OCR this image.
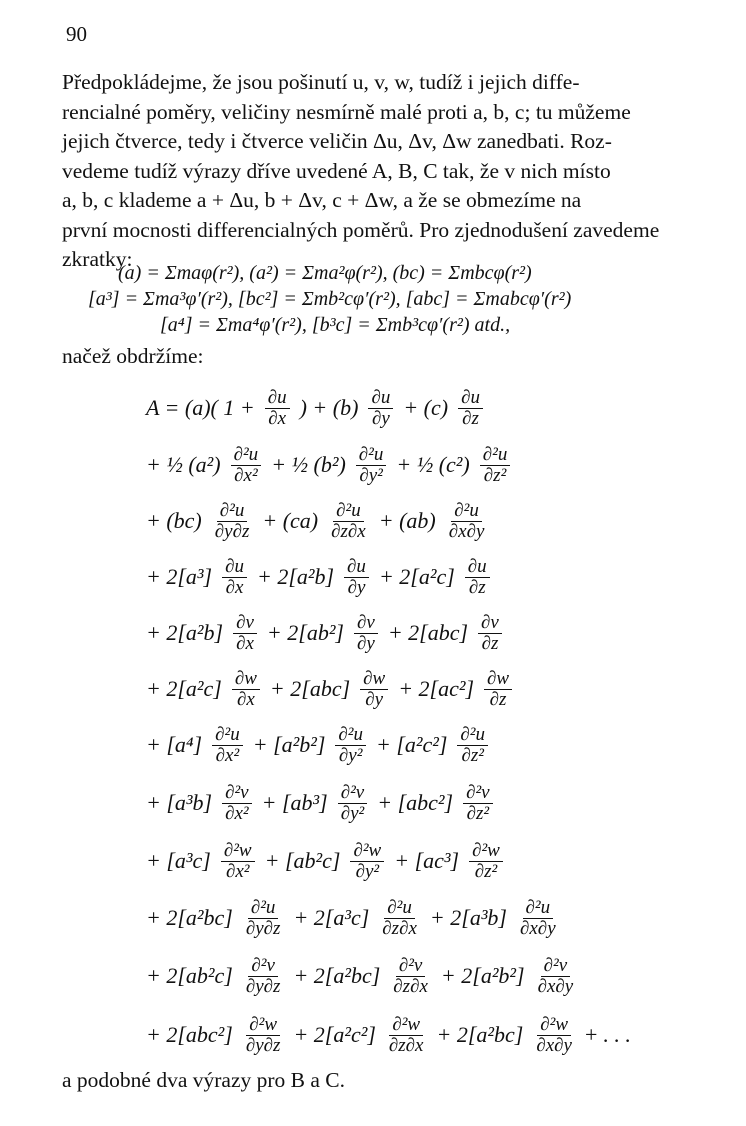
90
Předpokládejme, že jsou pošinutí u, v, w, tudíž i jejich diffe-
rencialné poměry, veličiny nesmírně malé proti a, b, c; tu můžeme
jejich čtverce, tedy i čtverce veličin Δu, Δv, Δw zanedbati. Roz-
vedeme tudíž výrazy dříve uvedené A, B, C tak, že v nich místo
a, b, c klademe a + Δu, b + Δv, c + Δw, a že se obmezíme na
první mocnosti differencialných poměrů. Pro zjednodušení zavedeme
zkratky:
(a) = Σmaφ(r²), (a²) = Σma²φ(r²), (bc) = Σmbcφ(r²)
[a³] = Σma³φ′(r²), [bc²] = Σmb²cφ′(r²), [abc] = Σmabcφ′(r²)
[a⁴] = Σma⁴φ′(r²), [b³c] = Σmb³cφ′(r²) atd.,
načež obdržíme:
A = (a)( $1 + \frac{\partial u}{\partial x}$ ) + $(b) \frac{\partial u}{\partial y} + (c) \frac{\partial u}{\partial z}$
+ ½ $(a^2) \frac{\text{∂²u}}{\text{∂x²}}$ + ½ $(b^2) \frac{\text{∂²u}}{\text{∂y²}}$ + ½ $(c^2) \frac{\text{∂²u}}{\text{∂z²}}$
+ $(bc) \frac{\text{∂²u}}{\partial y\partial z} + (ca) \frac{\text{∂²u}}{\partial z\partial x} + (ab) \frac{\text{∂²u}}{\partial x\partial y}$
+ $2[a^3] \frac{\partial u}{\partial x} + 2[a^2b] \frac{\partial u}{\partial y} + 2[a^2c] \frac{\partial u}{\partial z}$
+ $2[a^2b] \frac{\partial v}{\partial x} + 2[ab^2] \frac{\partial v}{\partial y} + 2[abc] \frac{\partial v}{\partial z}$
+ $2[a^2c] \frac{\partial w}{\partial x} + 2[abc] \frac{\partial w}{\partial y} + 2[ac^2] \frac{\partial w}{\partial z}$
+ $[a^4] \frac{\text{∂²u}}{\text{∂x²}} + [a^2b^2] \frac{\text{∂²u}}{\text{∂y²}} + [a^2c^2] \frac{\text{∂²u}}{\text{∂z²}}$
+ $[a^3b] \frac{\text{∂²v}}{\text{∂x²}} + [ab^3] \frac{\text{∂²v}}{\text{∂y²}} + [abc^2] \frac{\text{∂²v}}{\text{∂z²}}$
+ $[a^3c] \frac{\text{∂²w}}{\text{∂x²}} + [ab^2c] \frac{\text{∂²w}}{\text{∂y²}} + [ac^3] \frac{\text{∂²w}}{\text{∂z²}}$
+ $2[a^2bc] \frac{\text{∂²u}}{\partial y\partial z} + 2[a^3c] \frac{\text{∂²u}}{\partial z\partial x} + 2[a^3b] \frac{\text{∂²u}}{\partial x\partial y}$
+ $2[ab^2c] \frac{\text{∂²v}}{\partial y\partial z} + 2[a^2bc] \frac{\text{∂²v}}{\partial z\partial x} + 2[a^2b^2] \frac{\text{∂²v}}{\partial x\partial y}$
+ $2[abc^2] \frac{\text{∂²w}}{\partial y\partial z} + 2[a^2c^2] \frac{\text{∂²w}}{\partial z\partial x} + 2[a^2bc] \frac{\text{∂²w}}{\partial x\partial y}$ + . . .
a podobné dva výrazy pro B a C.
